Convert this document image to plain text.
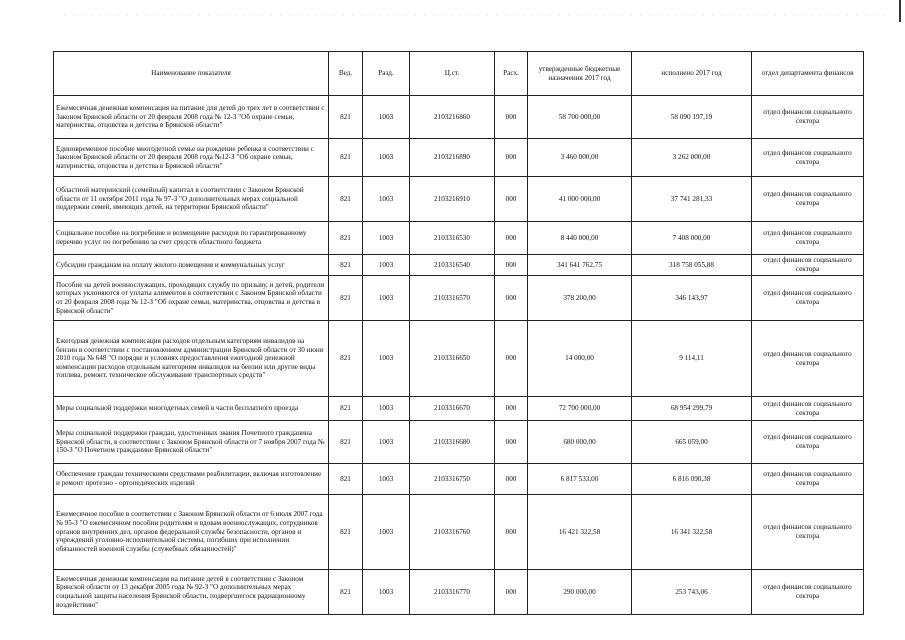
Наименование показателя	Вед.	Разд.	Ц.ст.	Расх.	утвержденные бюджетные назначения 2017 год	исполнено 2017 год	отдел департамента финансов
Ежемесячная денежная компенсация на питание для детей до трех лет в соответствии с Законом Брянской области от 20 февраля 2008 года № 12-3 "Об охране семьи, материнства, отцовства и детства в Брянской области"	821	1003	2103216860	000	58 700 000,00	58 090 197,19	отдел финансов социального сектора
Единовременное пособие многодетной семье на рождение ребенка в соответствии с Законом Брянской области от 20 февраля 2008 года №12-З "Об охране семьи, материнства, отцовства и детства в Брянской области"	821	1003	2103216890	000	3 460 000,00	3 262 000,00	отдел финансов социального сектора
Областной материнский (семейный) капитал в соответствии с Законом Брянской области от 11 октября 2011 года № 97-З "О дополнительных мерах социальной поддержки семей, имеющих детей, на территории Брянской области"	821	1003	2103216910	000	41 000 000,00	37 741 281,33	отдел финансов социального сектора
Социальное пособие на погребение и возмещение расходов по гарантированному перечню услуг по погребению за счет средств областного бюджета	821	1003	2103316530	000	8 440 000,00	7 408 000,00	отдел финансов социального сектора
Субсидии гражданам на оплату жилого помещения и коммунальных услуг	821	1003	2103316540	000	341 641 762,75	318 758 055,88	отдел финансов социального сектора
Пособие на детей военнослужащих, проходящих службу по призыву, и детей, родители которых уклоняются от уплаты алиментов в соответствии с Законом Брянской области от 20 февраля 2008 года № 12-З "Об охране семьи, материнства, отцовства и детства в Брянской области"	821	1003	2103316570	000	378 200,00	346 143,97	отдел финансов социального сектора
Ежегодная денежная компенсация расходов отдельным категориям инвалидов на бензин в соответствии с постановлением администрации Брянской области от 30 июня 2010 года № 648 "О порядке и условиях предоставления ежегодной денежной компенсации расходов отдельным категориям инвалидов на бензин или другие виды топлива, ремонт, техническое обслуживание транспортных средств"	821	1003	2103316650	000	14 000,00	9 114,11	отдел финансов социального сектора
Меры социальной поддержки многодетных семей в части бесплатного проезда	821	1003	2103316670	000	72 700 000,00	68 954 299,79	отдел финансов социального сектора
Меры социальной поддержки граждан, удостоенных звания Почетного гражданина Брянской области, в соответствии с Законом Брянской области от 7 ноября 2007 года № 150-З "О Почетном гражданине Брянской области"	821	1003	2103316680	000	680 000,00	665 059,00	отдел финансов социального сектора
Обеспечение граждан техническими средствами реабилитации, включая изготовление и ремонт протезно - ортопедических изделий	821	1003	2103316750	000	6 817 533,00	6 816 090,38	отдел финансов социального сектора
Ежемесячное пособие в соответствии с Законом Брянской области от 6 июля 2007 года № 95-З "О ежемесячном пособии родителям и вдовам военнослужащих, сотрудников органов внутренних дел, органов федеральной службы безопасности, органов и учреждений уголовно-исполнительной системы, погибших при исполнении обязанностей военной службы (служебных обязанностей)"	821	1003	2103316760	000	16 421 322,58	16 341 322,58	отдел финансов социального сектора
Ежемесячная денежная компенсация на питание детей в соответствии с Законом Брянской области от 13 декабря 2005 года № 92-З "О дополнительных мерах социальной защиты населения Брянской области, подвергшегося радиационному воздействию"	821	1003	2103316770	000	290 000,00	253 743,06	отдел финансов социального сектора
